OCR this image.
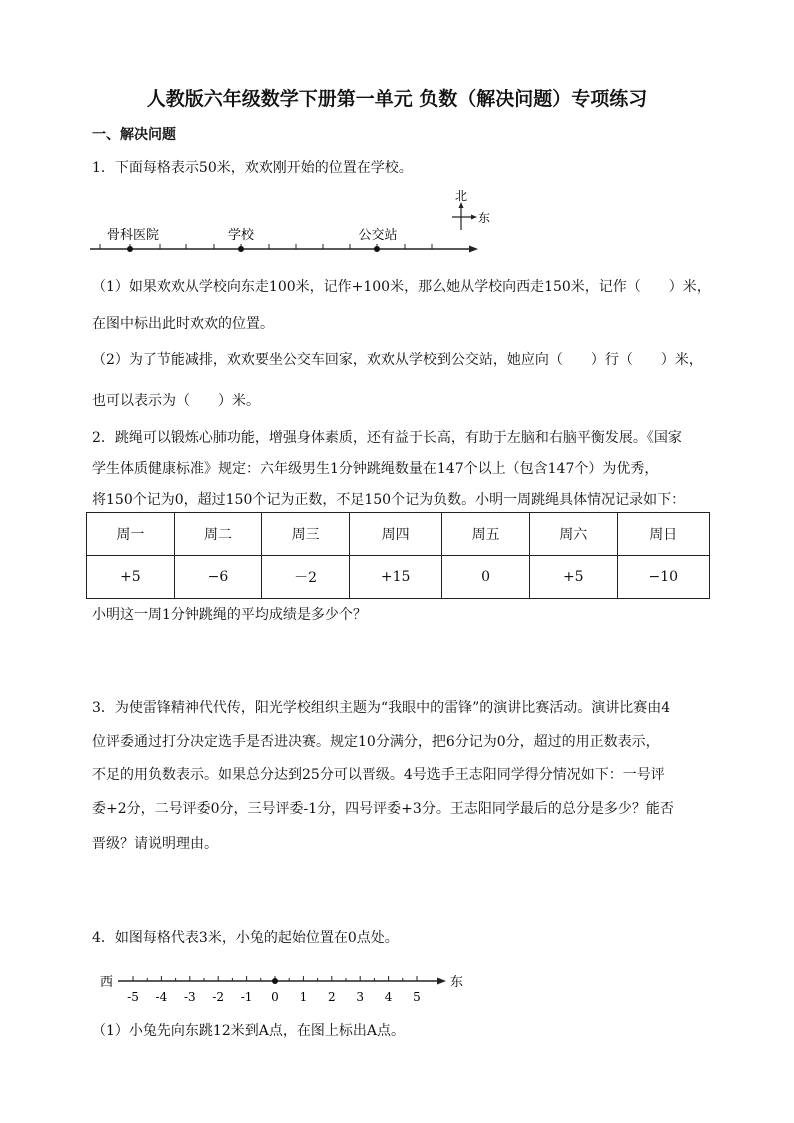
人教版六年级数学下册第一单元 负数（解决问题）专项练习
一、解决问题
1．下面每格表示50米，欢欢刚开始的位置在学校。
骨科医院	学校	公交站
北
东
（1）如果欢欢从学校向东走100米，记作+100米，那么她从学校向西走150米，记作（　　）米，
在图中标出此时欢欢的位置。
（2）为了节能减排，欢欢要坐公交车回家，欢欢从学校到公交站，她应向（　　）行（　　）米，
也可以表示为（　　）米。
2．跳绳可以锻炼心肺功能，增强身体素质，还有益于长高，有助于左脑和右脑平衡发展。《国家
学生体质健康标准》规定：六年级男生1分钟跳绳数量在147个以上（包含147个）为优秀，
将150个记为0，超过150个记为正数，不足150个记为负数。小明一周跳绳具体情况记录如下：
周一	周二	周三	周四	周五	周六	周日
+5	−6	－2	+15	0	+5	−10
小明这一周1分钟跳绳的平均成绩是多少个？
3．为使雷锋精神代代传，阳光学校组织主题为“我眼中的雷锋”的演讲比赛活动。演讲比赛由4
位评委通过打分决定选手是否进决赛。规定10分满分，把6分记为0分，超过的用正数表示，
不足的用负数表示。如果总分达到25分可以晋级。4号选手王志阳同学得分情况如下：一号评
委+2分，二号评委0分，三号评委-1分，四号评委+3分。王志阳同学最后的总分是多少？能否
晋级？请说明理由。
4．如图每格代表3米，小兔的起始位置在0点处。
西	东
-5 -4 -3 -2 -1 0 1 2 3 4 5
（1）小兔先向东跳12米到A点，在图上标出A点。
